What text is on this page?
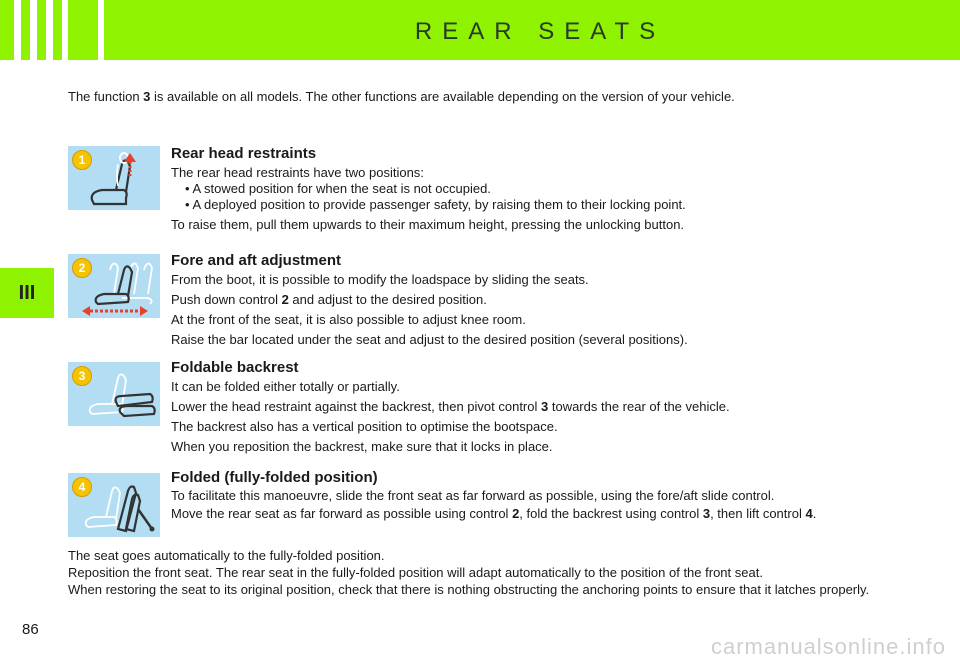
REAR SEATS
III
The function 3 is available on all models. The other functions are available depending on the version of your vehicle.
1	Rear head restraints
The rear head restraints have two positions:
• A stowed position for when the seat is not occupied.
• A deployed position to provide passenger safety, by raising them to their locking point.
To raise them, pull them upwards to their maximum height, pressing the unlocking button.
2	Fore and aft adjustment
From the boot, it is possible to modify the loadspace by sliding the seats.
Push down control 2 and adjust to the desired position.
At the front of the seat, it is also possible to adjust knee room.
Raise the bar located under the seat and adjust to the desired position (several positions).
3	Foldable backrest
It can be folded either totally or partially.
Lower the head restraint against the backrest, then pivot control 3 towards the rear of the vehicle.
The backrest also has a vertical position to optimise the bootspace.
When you reposition the backrest, make sure that it locks in place.
4
Folded (fully-folded position)
To facilitate this manoeuvre, slide the front seat as far forward as possible, using the fore/aft slide control.
Move the rear seat as far forward as possible using control 2, fold the backrest using control 3, then lift control 4.
The seat goes automatically to the fully-folded position.
Reposition the front seat. The rear seat in the fully-folded position will adapt automatically to the position of the front seat.
When restoring the seat to its original position, check that there is nothing obstructing the anchoring points to ensure that it latches properly.
86
carmanualsonline.info
